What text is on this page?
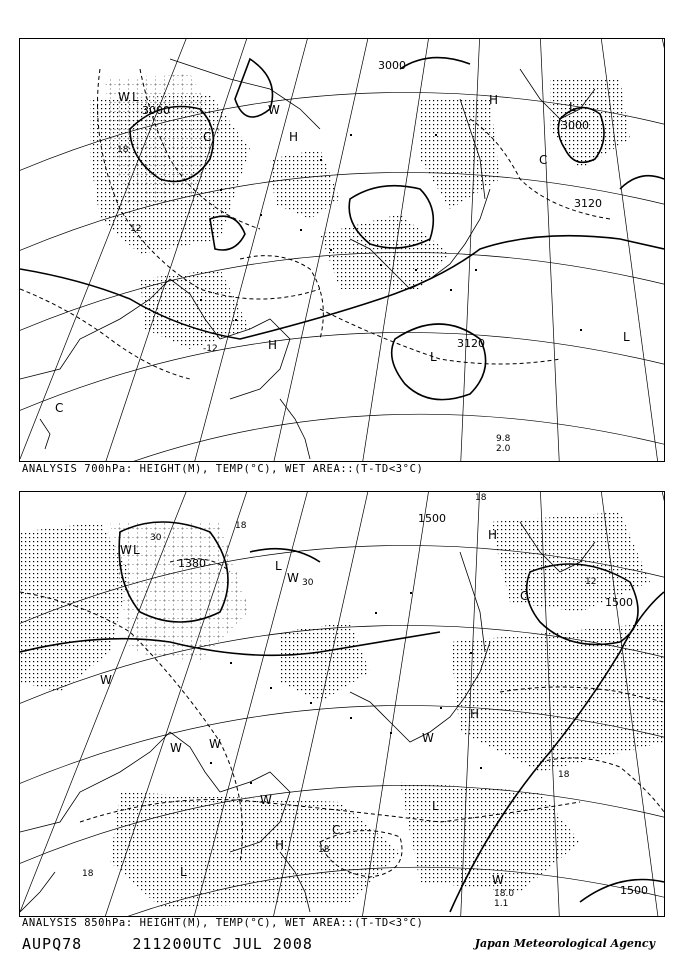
3000
3000
3000
3120
3120
18
12
-12
L
W
H
C
W
H
C
H
L
L
C
L
9.8
2.0
ANALYSIS 700hPa: HEIGHT(M), TEMP(°C), WET AREA::(T-TD<3°C)
1500
1500
1380
1500
18
18
30
30
18
18
12
18
W L
W
L
W
H
W
L
H
W
W
C
H
L
W
C
W
18.0
1.1
ANALYSIS 850hPa: HEIGHT(M), TEMP(°C), WET AREA::(T-TD<3°C)
AUPQ78	211200UTC JUL 2008	Japan Meteorological Agency
